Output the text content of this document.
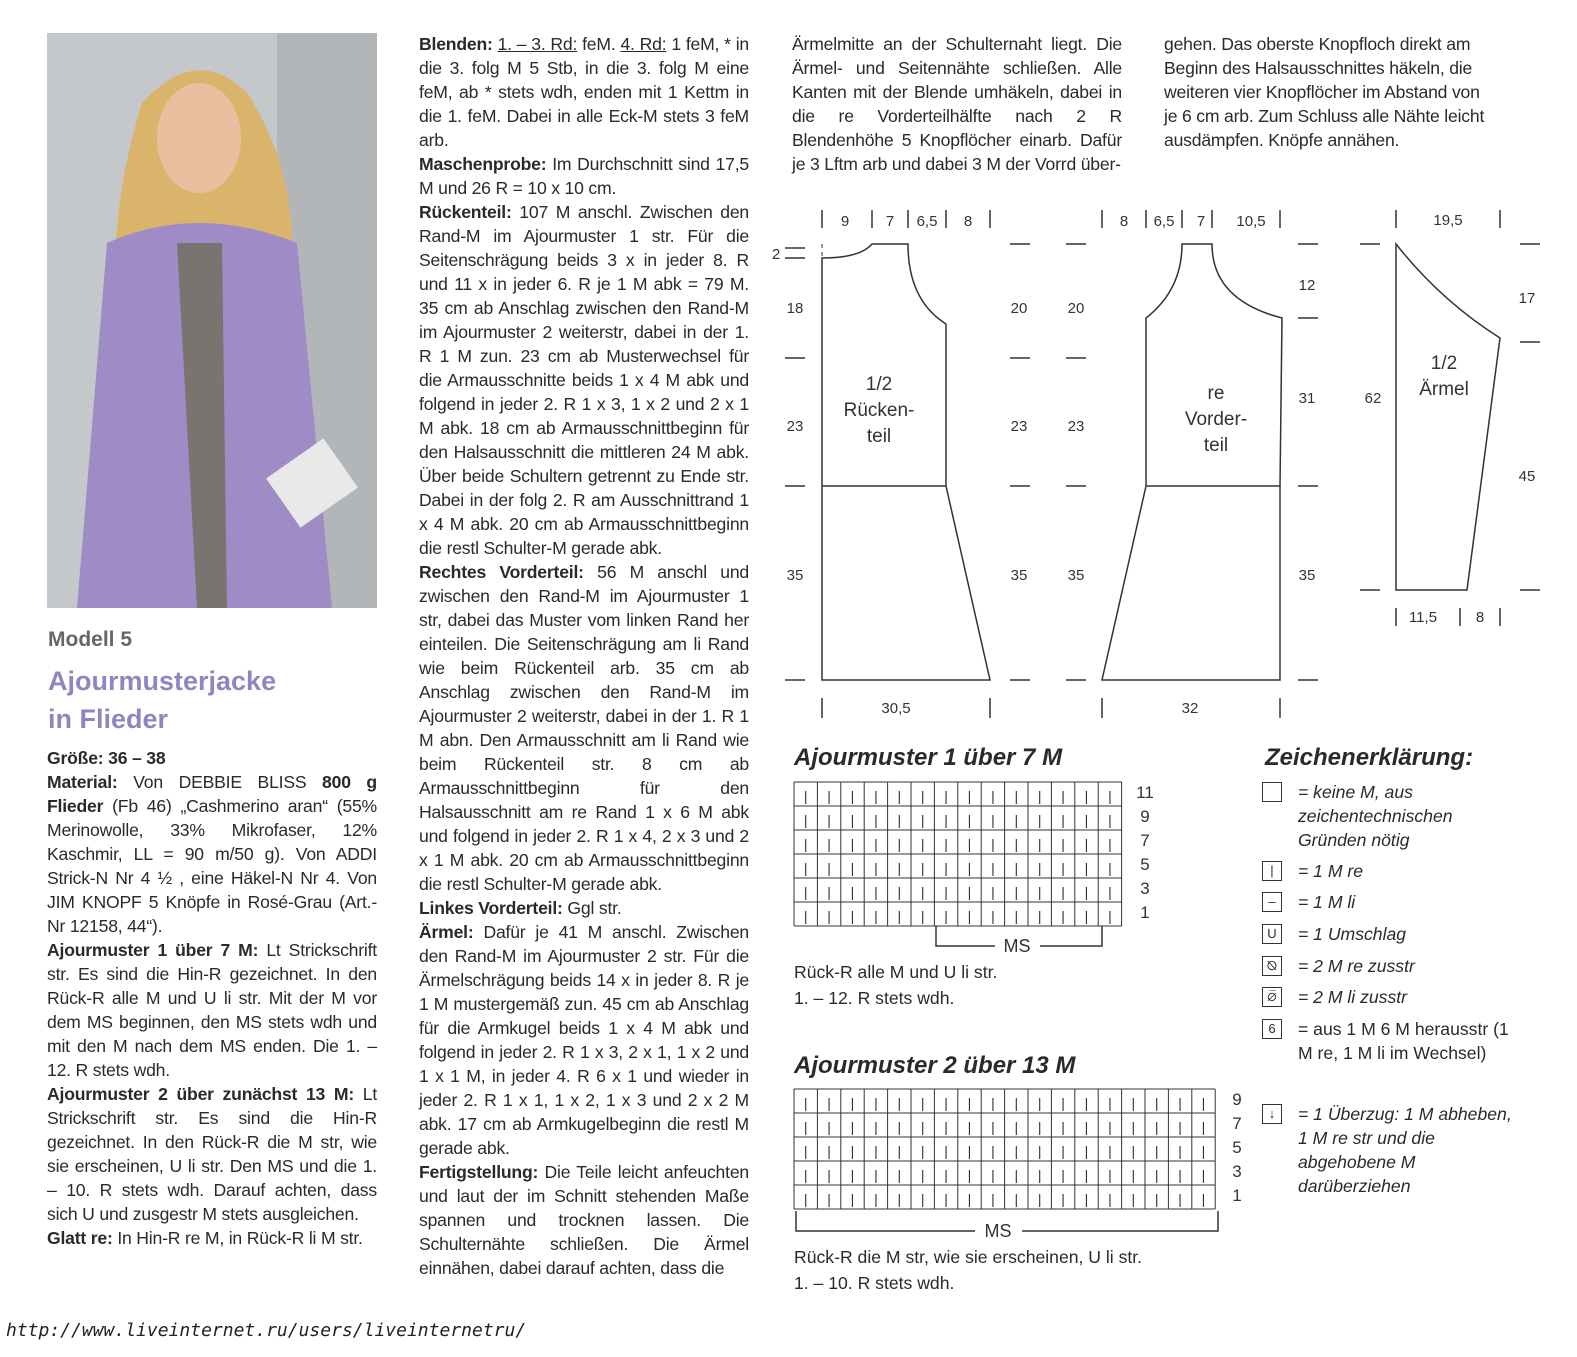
Modell 5
Ajourmusterjacke
in Flieder

Größe: 36 – 38

Material: Von DEBBIE BLISS 800 g Flieder (Fb 46) „Cashmerino aran“ (55% Merinowolle, 33% Mikrofaser, 12% Kaschmir, LL = 90 m/50 g). Von ADDI Strick-N Nr 4 ½ , eine Häkel-N Nr 4. Von JIM KNOPF 5 Knöpfe in Rosé-Grau (Art.-Nr 12158, 44“).

Ajourmuster 1 über 7 M: Lt Strickschrift str. Es sind die Hin-R gezeichnet. In den Rück-R alle M und U li str. Mit der M vor dem MS beginnen, den MS stets wdh und mit den M nach dem MS enden. Die 1. – 12. R stets wdh.

Ajourmuster 2 über zunächst 13 M: Lt Strickschrift str. Es sind die Hin-R gezeichnet. In den Rück-R die M str, wie sie erscheinen, U li str. Den MS und die 1. – 10. R stets wdh. Darauf achten, dass sich U und zusgestr M stets ausgleichen.

Glatt re: In Hin-R re M, in Rück-R li M str.

Blenden: 1. – 3. Rd: feM. 4. Rd: 1 feM, * in die 3. folg M 5 Stb, in die 3. folg M eine feM, ab * stets wdh, enden mit 1 Kettm in die 1. feM. Dabei in alle Eck-M stets 3 feM arb.

Maschenprobe: Im Durchschnitt sind 17,5 M und 26 R = 10 x 10 cm.

Rückenteil: 107 M anschl. Zwischen den Rand-M im Ajourmuster 1 str. Für die Seitenschrägung beids 3 x in jeder 8. R und 11 x in jeder 6. R je 1 M abk = 79 M. 35 cm ab Anschlag zwischen den Rand-M im Ajourmuster 2 weiterstr, dabei in der 1. R 1 M zun. 23 cm ab Musterwechsel für die Armausschnitte beids 1 x 4 M abk und folgend in jeder 2. R 1 x 3, 1 x 2 und 2 x 1 M abk. 18 cm ab Armausschnittbeginn für den Halsausschnitt die mittleren 24 M abk. Über beide Schultern getrennt zu Ende str. Dabei in der folg 2. R am Ausschnittrand 1 x 4 M abk. 20 cm ab Armausschnittbeginn die restl Schulter-M gerade abk.

Rechtes Vorderteil: 56 M anschl und zwischen den Rand-M im Ajourmuster 1 str, dabei das Muster vom linken Rand her einteilen. Die Seitenschrägung am li Rand wie beim Rückenteil arb. 35 cm ab Anschlag zwischen den Rand-M im Ajourmuster 2 weiterstr, dabei in der 1. R 1 M abn. Den Armausschnitt am li Rand wie beim Rückenteil str. 8 cm ab Armausschnittbeginn für den Halsausschnitt am re Rand 1 x 6 M abk und folgend in jeder 2. R 1 x 4, 2 x 3 und 2 x 1 M abk. 20 cm ab Armausschnittbeginn die restl Schulter-M gerade abk.

Linkes Vorderteil: Ggl str.

Ärmel: Dafür je 41 M anschl. Zwischen den Rand-M im Ajourmuster 2 str. Für die Ärmelschrägung beids 14 x in jeder 8. R je 1 M mustergemäß zun. 45 cm ab Anschlag für die Armkugel beids 1 x 4 M abk und folgend in jeder 2. R 1 x 3, 2 x 1, 1 x 2 und 1 x 1 M, in jeder 4. R 6 x 1 und wieder in jeder 2. R 1 x 1, 1 x 2, 1 x 3 und 2 x 2 M abk. 17 cm ab Armkugelbeginn die restl M gerade abk.

Fertigstellung: Die Teile leicht anfeuchten und laut der im Schnitt stehenden Maße spannen und trocknen lassen. Die Schulternähte schließen. Die Ärmel einnähen, dabei darauf achten, dass die

Ärmelmitte an der Schulternaht liegt. Die Ärmel- und Seitennähte schließen. Alle Kanten mit der Blende umhäkeln, dabei in die re Vorderteilhälfte nach 2 R Blendenhöhe 5 Knopflöcher einarb. Dafür je 3 Lftm arb und dabei 3 M der Vorrd über-

gehen. Das oberste Knopfloch direkt am Beginn des Halsausschnittes häkeln, die weiteren vier Knopflöcher im Abstand von je 6 cm arb. Zum Schluss alle Nähte leicht ausdämpfen. Knöpfe annähen.

9 7 6,5 8
2
18
23
35
20
23
35
30,5
8 6,5 7 10,5
20
23
35
12
31
35
32
19,5
62
17
45
11,5	8
1/2
Rücken-
teil
re
Vorder-
teil
1/2
Ärmel
Ajourmuster 1 über 7 M
| | | | | | | | | | | | | |
| | | | | | | | | | | | | |
| | | | | | | | | | | | | |
| | | | | | | | | | | | | |
| | | | | | | | | | | | | |
| | | | | | | | | | | | | |
11
9
7
5
3
1
MS
Rück-R alle M und U li str.
1. – 12. R stets wdh.
Ajourmuster 2 über 13 M
| | | | | | | | | | | | | | | | | |
| | | | | | | | | | | | | | | | | |
| | | | | | | | | | | | | | | | | |
| | | | | | | | | | | | | | | | | |
| | | | | | | | | | | | | | | | | |
9
7
5
3
1
MS
Rück-R die M str, wie sie erscheinen, U li str.
1. – 10. R stets wdh.
Zeichenerklärung:
= keine M, aus zeichentechnischen Gründen nötig
|	= 1 M re
–	= 1 M li
U	= 1 Umschlag
⦰ = 2 M re zusstr
⦱	= 2 M li zusstr
6	= aus 1 M 6 M herausstr (1 M re, 1 M li im Wechsel)
↓	= 1 Überzug: 1 M abheben, 1 M re str und die abgehobene M darüberziehen
http://www.liveinternet.ru/users/liveinternetru/
